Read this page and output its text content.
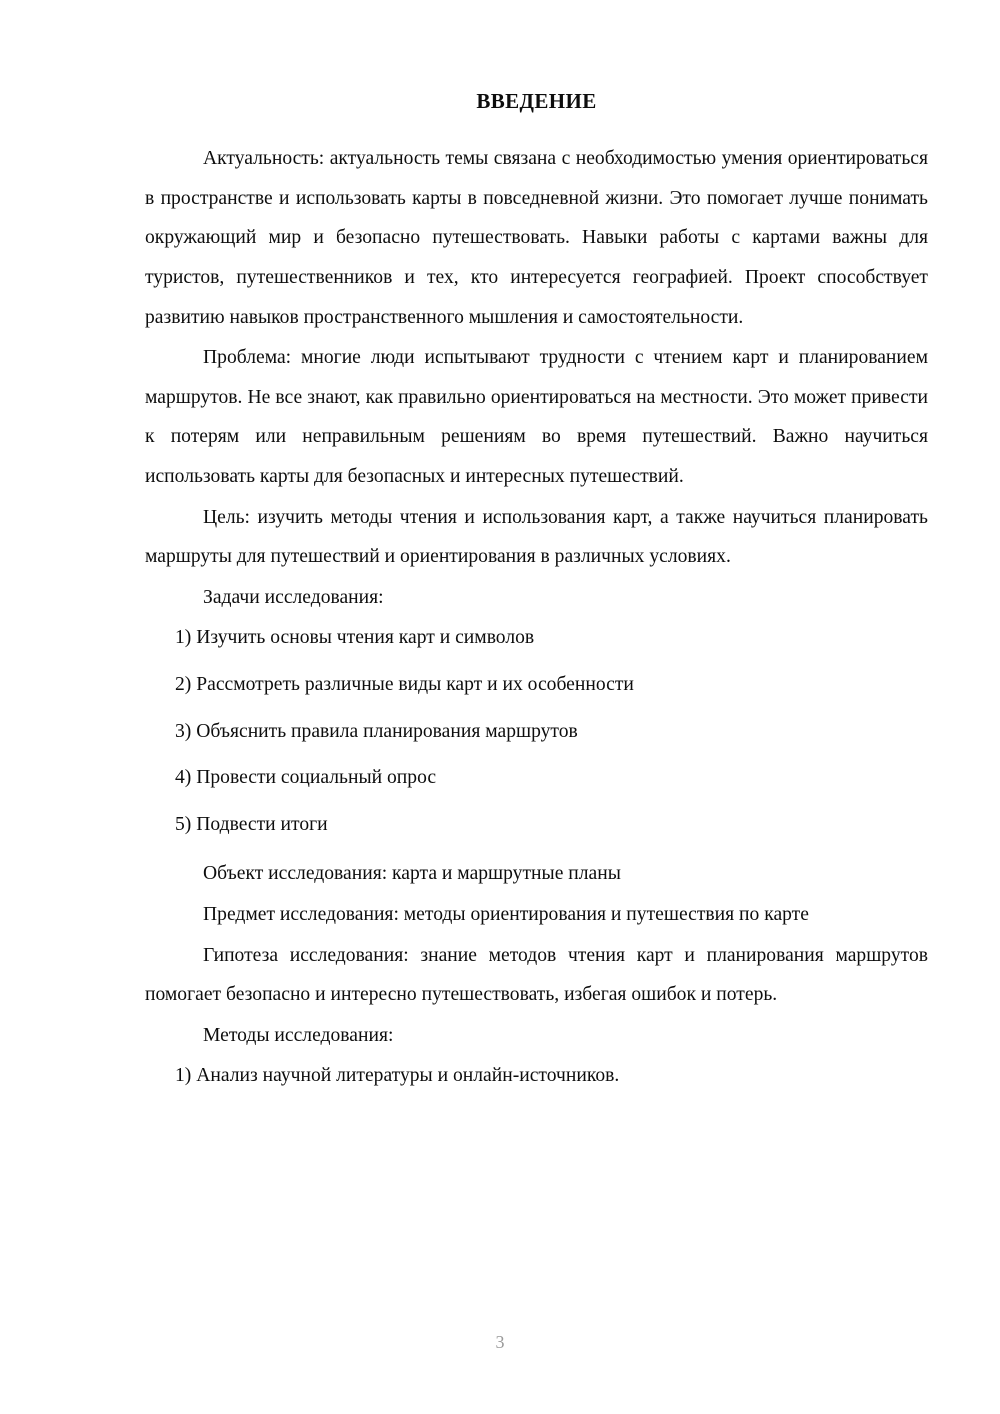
ВВЕДЕНИЕ

Актуальность: актуальность темы связана с необходимостью умения ориентироваться в пространстве и использовать карты в повседневной жизни. Это помогает лучше понимать окружающий мир и безопасно путешествовать. Навыки работы с картами важны для туристов, путешественников и тех, кто интересуется географией. Проект способствует развитию навыков пространственного мышления и самостоятельности.

Проблема: многие люди испытывают трудности с чтением карт и планированием маршрутов. Не все знают, как правильно ориентироваться на местности. Это может привести к потерям или неправильным решениям во время путешествий. Важно научиться использовать карты для безопасных и интересных путешествий.

Цель: изучить методы чтения и использования карт, а также научиться планировать маршруты для путешествий и ориентирования в различных условиях.

Задачи исследования:

1) Изучить основы чтения карт и символов

2) Рассмотреть различные виды карт и их особенности

3) Объяснить правила планирования маршрутов

4) Провести социальный опрос

5) Подвести итоги

Объект исследования: карта и маршрутные планы

Предмет исследования: методы ориентирования и путешествия по карте

Гипотеза исследования: знание методов чтения карт и планирования маршрутов помогает безопасно и интересно путешествовать, избегая ошибок и потерь.

Методы исследования:

1) Анализ научной литературы и онлайн-источников.

3
